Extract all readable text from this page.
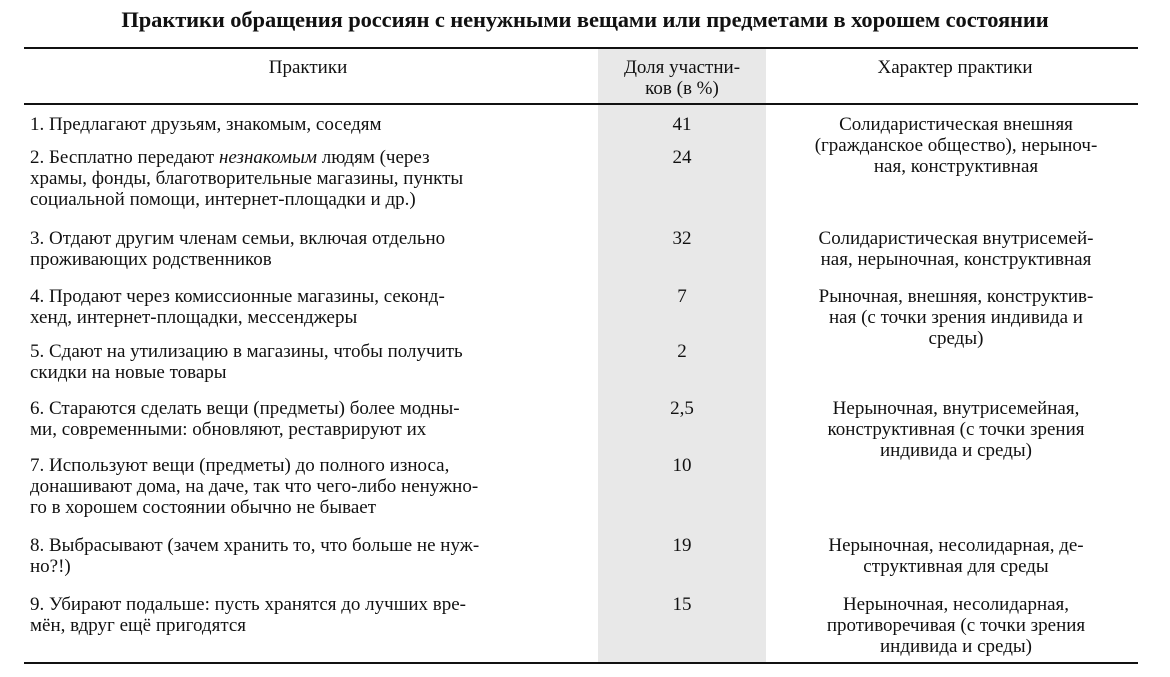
Практики обращения россиян с ненужными вещами или предметами в хорошем состоянии
Практики	Доля участни-
ков (в %)
Характер практики
1. Предлагают друзьям, знакомым, соседям	41
2. Бесплатно передают незнакомым людям (через
храмы, фонды, благотворительные магазины, пункты
социальной помощи, интернет-площадки и др.)
24
3. Отдают другим членам семьи, включая отдельно
проживающих родственников
32
4. Продают через комиссионные магазины, секонд-
хенд, интернет-площадки, мессенджеры
7
5. Сдают на утилизацию в магазины, чтобы получить
скидки на новые товары
2
6. Стараются сделать вещи (предметы) более модны-
ми, современными: обновляют, реставрируют их
2,5
7. Используют вещи (предметы) до полного износа,
донашивают дома, на даче, так что чего-либо ненужно-
го в хорошем состоянии обычно не бывает
10
8. Выбрасывают (зачем хранить то, что больше не нуж-
но?!)
19
9. Убирают подальше: пусть хранятся до лучших вре-
мён, вдруг ещё пригодятся
15
Солидаристическая внешняя
(гражданское общество), нерыноч-
ная, конструктивная
Солидаристическая внутрисемей-
ная, нерыночная, конструктивная
Рыночная, внешняя, конструктив-
ная (с точки зрения индивида и
среды)
Нерыночная, внутрисемейная,
конструктивная (с точки зрения
индивида и среды)
Нерыночная, несолидарная, де-
структивная для среды
Нерыночная, несолидарная,
противоречивая (с точки зрения
индивида и среды)
